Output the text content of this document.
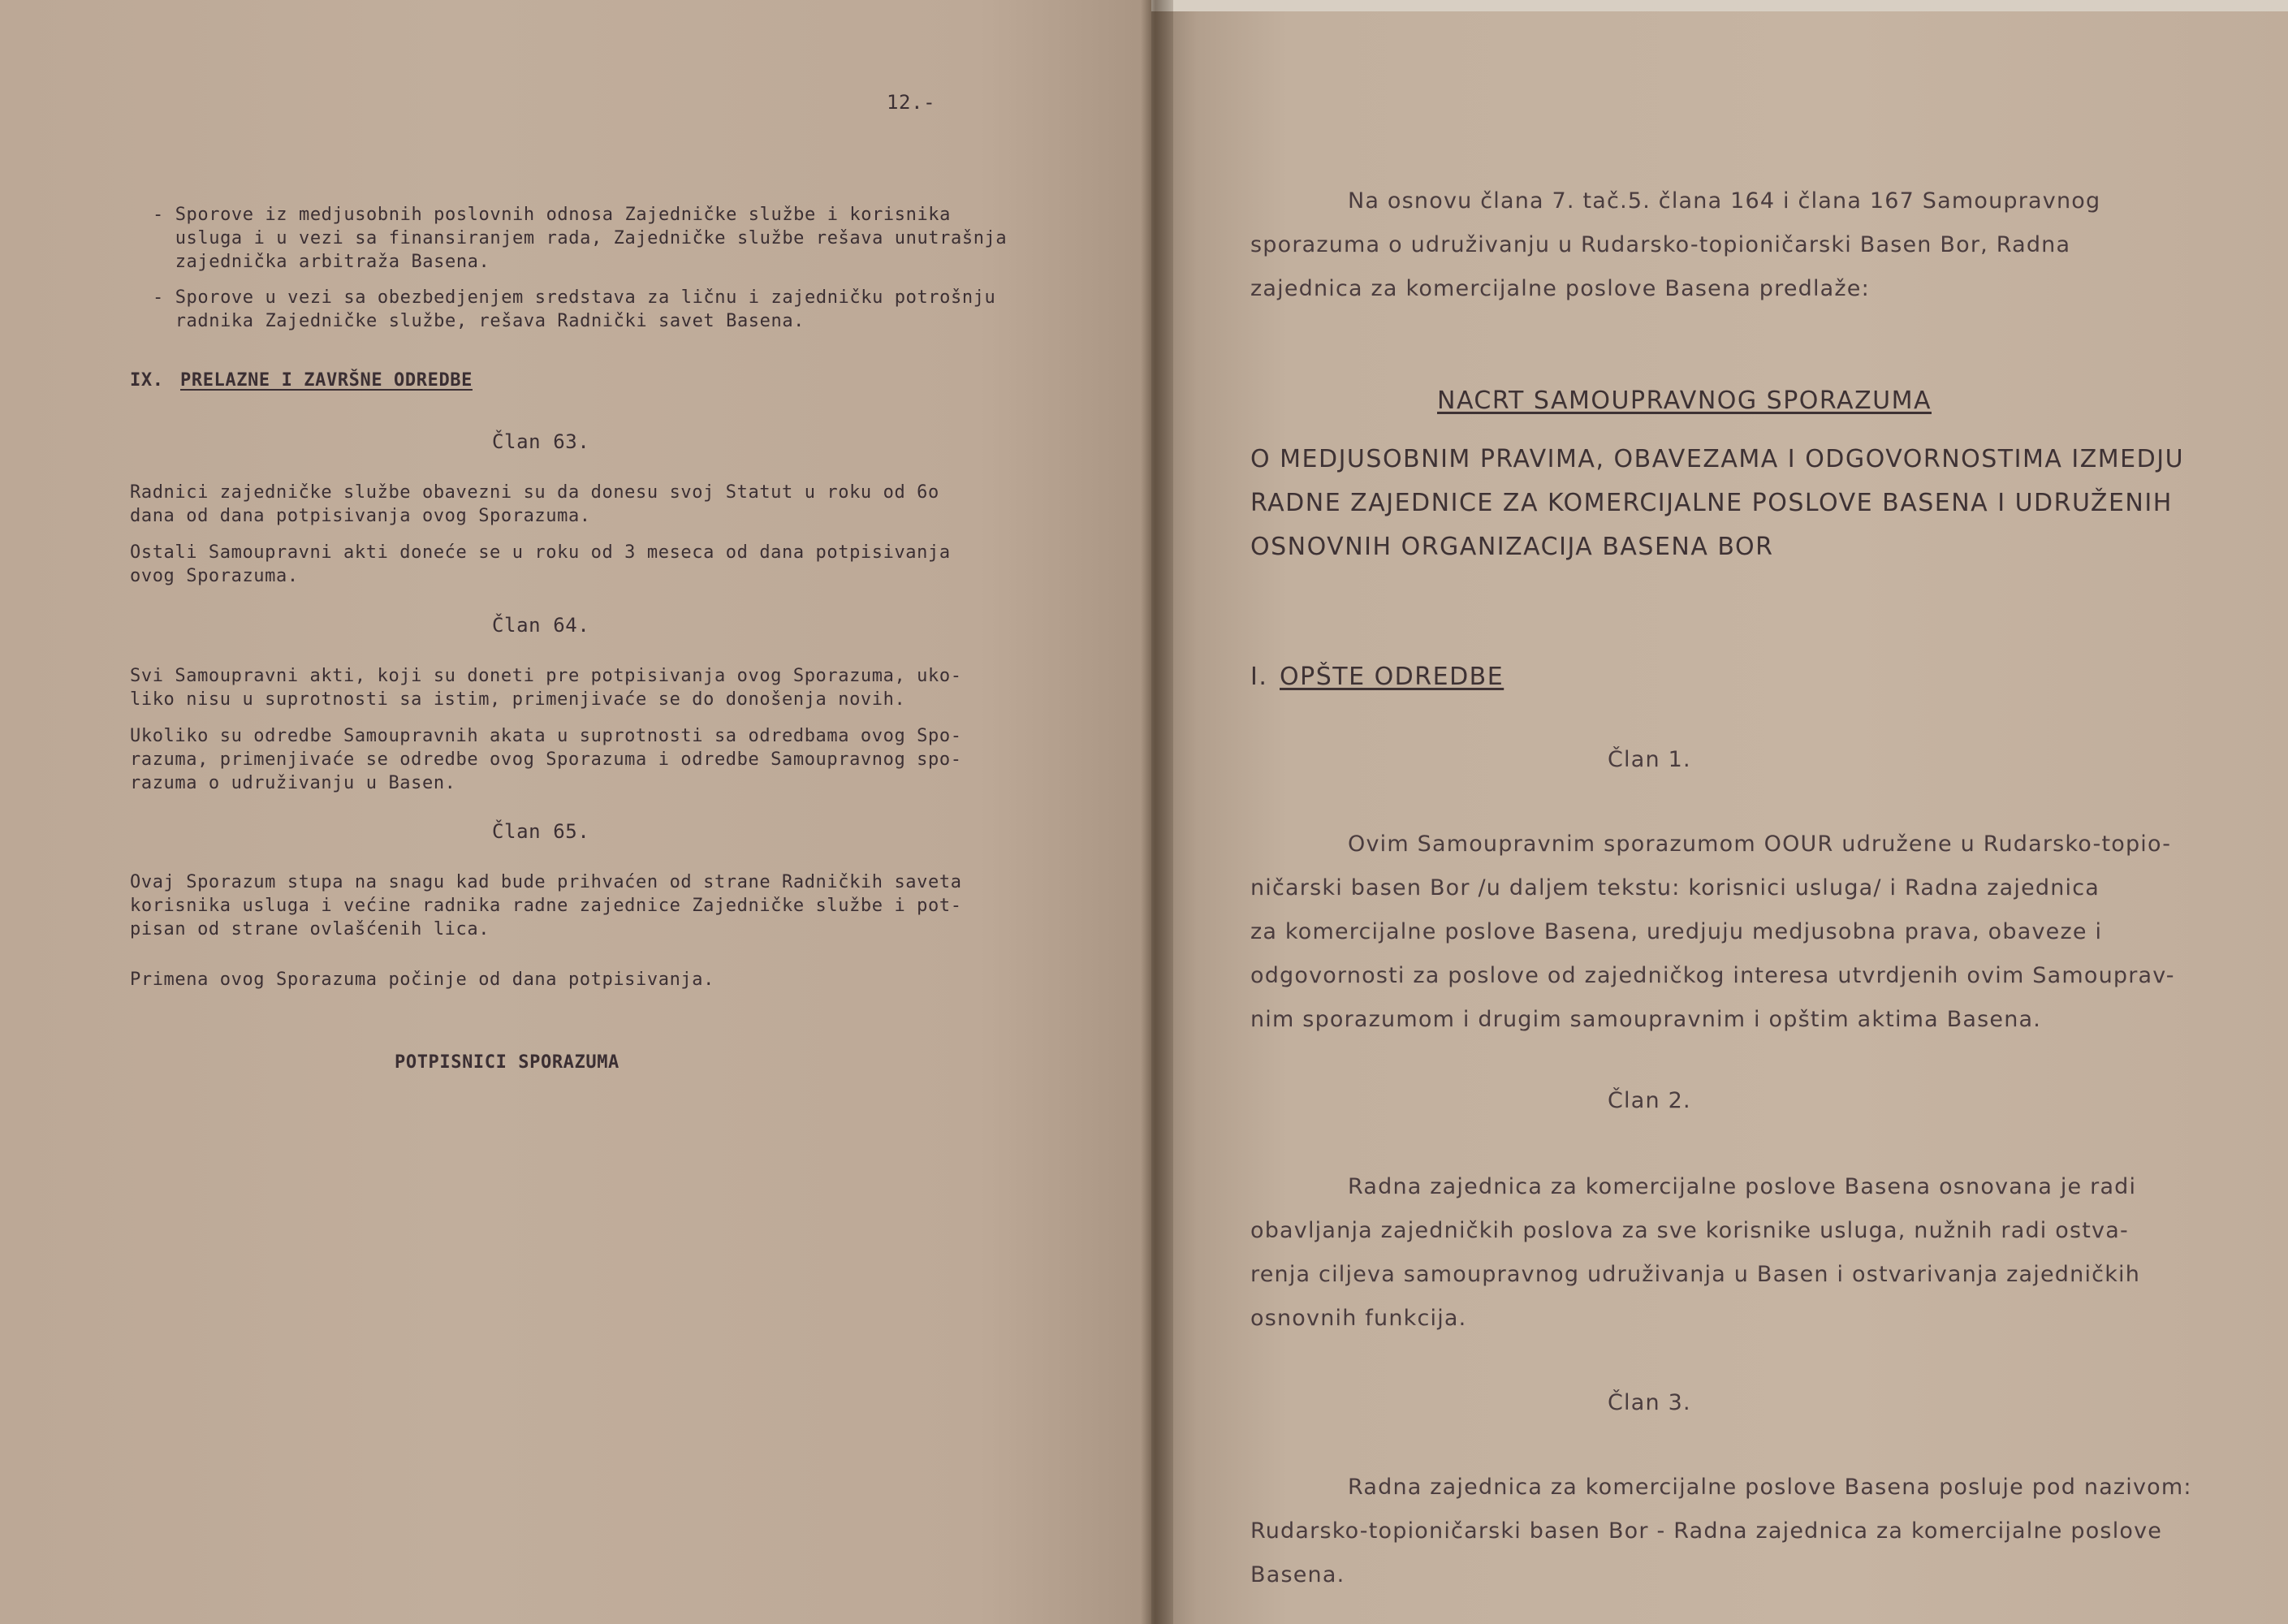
12.-

- Sporove iz medjusobnih poslovnih odnosa Zajedničke službe i korisnika

usluga i u vezi sa finansiranjem rada, Zajedničke službe rešava unutrašnja

zajednička arbitraža Basena.

- Sporove u vezi sa obezbedjenjem sredstava za ličnu i zajedničku potrošnju

radnika Zajedničke službe, rešava Radnički savet Basena.

IX. PRELAZNE I ZAVRŠNE ODREDBE

Član 63.

Radnici zajedničke službe obavezni su da donesu svoj Statut u roku od 6o

dana od dana potpisivanja ovog Sporazuma.

Ostali Samoupravni akti doneće se u roku od 3 meseca od dana potpisivanja

ovog Sporazuma.

Član 64.

Svi Samoupravni akti, koji su doneti pre potpisivanja ovog Sporazuma, uko-

liko nisu u suprotnosti sa istim, primenjivaće se do donošenja novih.

Ukoliko su odredbe Samoupravnih akata u suprotnosti sa odredbama ovog Spo-

razuma, primenjivaće se odredbe ovog Sporazuma i odredbe Samoupravnog spo-

razuma o udruživanju u Basen.

Član 65.

Ovaj Sporazum stupa na snagu kad bude prihvaćen od strane Radničkih saveta

korisnika usluga i većine radnika radne zajednice Zajedničke službe i pot-

pisan od strane ovlašćenih lica.

Primena ovog Sporazuma počinje od dana potpisivanja.

POTPISNICI SPORAZUMA

Na osnovu člana 7. tač.5. člana 164 i člana 167 Samoupravnog

sporazuma o udruživanju u Rudarsko-topioničarski Basen Bor, Radna

zajednica za komercijalne poslove Basena predlaže:

NACRT SAMOUPRAVNOG SPORAZUMA

O MEDJUSOBNIM PRAVIMA, OBAVEZAMA I ODGOVORNOSTIMA IZMEDJU

RADNE ZAJEDNICE ZA KOMERCIJALNE POSLOVE BASENA I UDRUŽENIH

OSNOVNIH ORGANIZACIJA BASENA BOR

I. OPŠTE ODREDBE

Član 1.

Ovim Samoupravnim sporazumom OOUR udružene u Rudarsko-topio-

ničarski basen Bor /u daljem tekstu: korisnici usluga/ i Radna zajednica

za komercijalne poslove Basena, uredjuju medjusobna prava, obaveze i

odgovornosti za poslove od zajedničkog interesa utvrdjenih ovim Samouprav-

nim sporazumom i drugim samoupravnim i opštim aktima Basena.

Član 2.

Radna zajednica za komercijalne poslove Basena osnovana je radi

obavljanja zajedničkih poslova za sve korisnike usluga, nužnih radi ostva-

renja ciljeva samoupravnog udruživanja u Basen i ostvarivanja zajedničkih

osnovnih funkcija.

Član 3.

Radna zajednica za komercijalne poslove Basena posluje pod nazivom:

Rudarsko-topioničarski basen Bor - Radna zajednica za komercijalne poslove

Basena.
